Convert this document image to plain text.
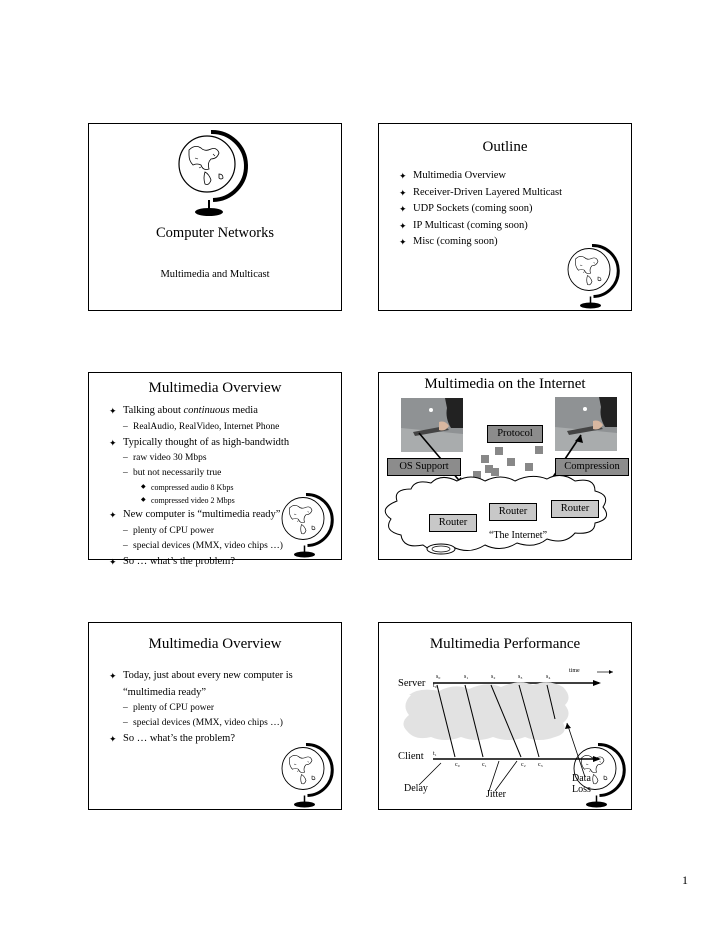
Computer Networks
Multimedia and Multicast
Outline
✦ Multimedia Overview
✦ Receiver-Driven Layered Multicast
✦ UDP Sockets (coming soon)
✦ IP Multicast (coming soon)
✦ Misc (coming soon)
Multimedia Overview
✦ Talking about continuous media
– RealAudio, RealVideo, Internet Phone
✦ Typically thought of as high-bandwidth
– raw video 30 Mbps
– but not necessarily true
◆ compressed audio 8 Kbps
◆ compressed video 2 Mbps
✦ New computer is “multimedia ready”
– plenty of CPU power
– special devices (MMX, video chips …)
✦ So … what’s the problem?
Multimedia on the Internet
Protocol
OS Support	Compression
Router	Router
Router
“The Internet”
Multimedia Overview
✦ Today, just about every new computer is “multimedia ready”
– plenty of CPU power
– special devices (MMX, video chips …)
✦ So … what’s the problem?
Multimedia Performance
time
Server
Client
t₀
t₁
s₀	s₁	s₂	s₃	s₄
c₀	c₁	c₂ c₃
Delay
Jitter
Data
Loss
1
